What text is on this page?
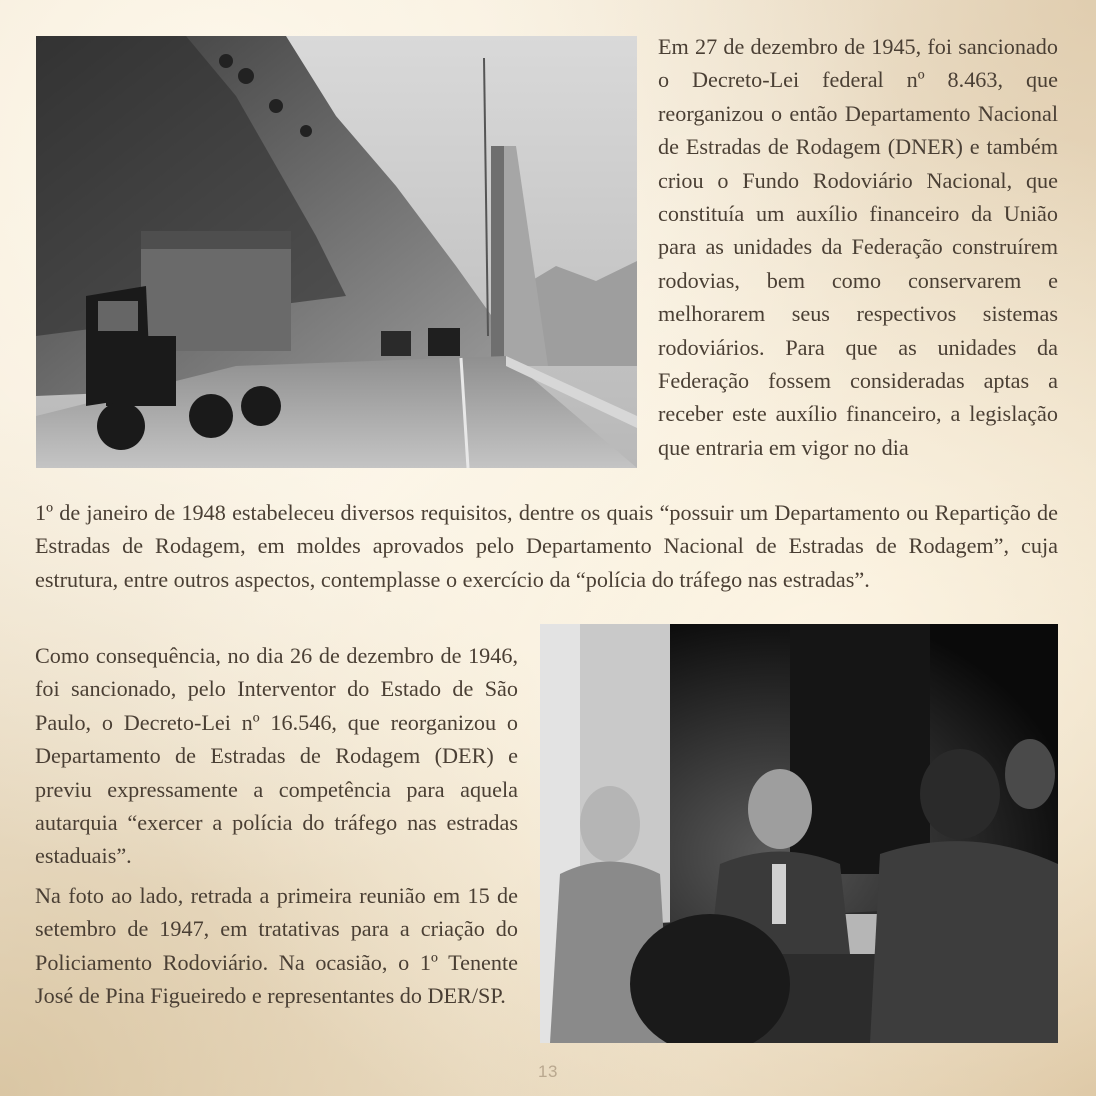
Em 27 de dezembro de 1945, foi sancionado o Decreto-Lei federal nº 8.463, que reorganizou o então Departamento Nacional de Estradas de Rodagem (DNER) e também criou o Fundo Rodoviário Nacional, que constituía um auxílio financeiro da União para as unidades da Federação construírem rodovias, bem como conservarem e melhorarem seus respectivos sistemas rodoviários. Para que as unidades da Federação fossem consideradas aptas a receber este auxílio financeiro, a legislação que entraria em vigor no dia

1º de janeiro de 1948 estabeleceu diversos requisitos, dentre os quais “possuir um Departamento ou Repartição de Estradas de Rodagem, em moldes aprovados pelo Departamento Nacional de Estradas de Rodagem”, cuja estrutura, entre outros aspectos, contemplasse o exercício da “polícia do tráfego nas estradas”.

Como consequência, no dia 26 de dezembro de 1946, foi sancionado, pelo Interventor do Estado de São Paulo, o Decreto-Lei nº 16.546, que reorganizou o Departamento de Estradas de Rodagem (DER) e previu expressamente a competência para aquela autarquia “exercer a polícia do tráfego nas estradas estaduais”.

Na foto ao lado, retrada a primeira reunião em 15 de setembro de 1947, em tratativas para a criação do Policiamento Rodoviário. Na ocasião, o 1º Tenente José de Pina Figueiredo e representantes do DER/SP.

13
